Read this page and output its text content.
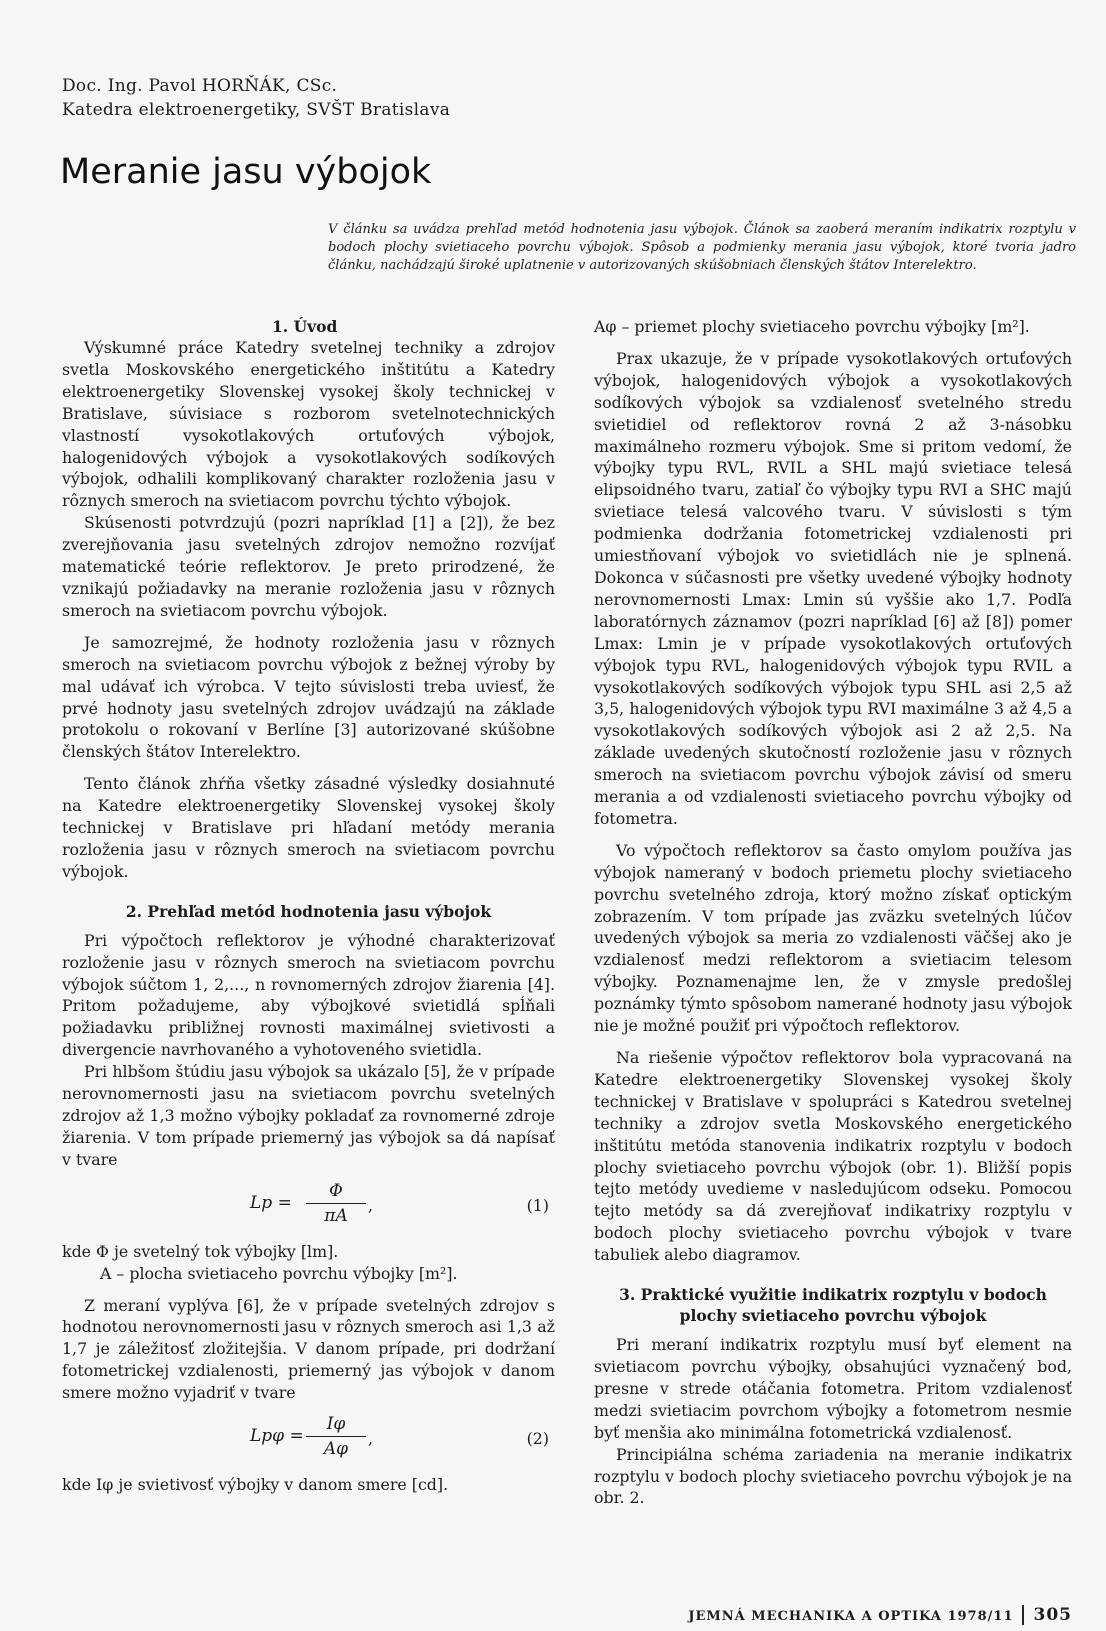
Doc. Ing. Pavol HORŇÁK, CSc.
Katedra elektroenergetiky, SVŠT Bratislava
Meranie jasu výbojok
V článku sa uvádza prehľad metód hodnotenia jasu výbojok. Článok sa zaoberá meraním indikatrix rozptylu v bodoch plochy svietiaceho povrchu výbojok. Spôsob a podmienky merania jasu výbojok, ktoré tvoria jadro článku, nachádzajú široké uplatnenie v autorizovaných skúšobniach členských štátov Interelektro.
1. Úvod

Výskumné práce Katedry svetelnej techniky a zdrojov svetla Moskovského energetického inštitútu a Katedry elektroenergetiky Slovenskej vysokej školy technickej v Bratislave, súvisiace s rozborom svetelnotechnických vlastností vysokotlakových ortuťových výbojok, halogenidových výbojok a vysokotlakových sodíkových výbojok, odhalili komplikovaný charakter rozloženia jasu v rôznych smeroch na svietiacom povrchu týchto výbojok.

Skúsenosti potvrdzujú (pozri napríklad [1] a [2]), že bez zverejňovania jasu svetelných zdrojov nemožno rozvíjať matematické teórie reflektorov. Je preto prirodzené, že vznikajú požiadavky na meranie rozloženia jasu v rôznych smeroch na svietiacom povrchu výbojok.

Je samozrejmé, že hodnoty rozloženia jasu v rôznych smeroch na svietiacom povrchu výbojok z bežnej výroby by mal udávať ich výrobca. V tejto súvislosti treba uviesť, že prvé hodnoty jasu svetelných zdrojov uvádzajú na základe protokolu o rokovaní v Berlíne [3] autorizované skúšobne členských štátov Interelektro.

Tento článok zhŕňa všetky zásadné výsledky dosiahnuté na Katedre elektroenergetiky Slovenskej vysokej školy technickej v Bratislave pri hľadaní metódy merania rozloženia jasu v rôznych smeroch na svietiacom povrchu výbojok.

2. Prehľad metód hodnotenia jasu výbojok

Pri výpočtoch reflektorov je výhodné charakterizovať rozloženie jasu v rôznych smeroch na svietiacom povrchu výbojok súčtom 1, 2,..., n rovnomerných zdrojov žiarenia [4]. Pritom požadujeme, aby výbojkové svietidlá spĺňali požiadavku približnej rovnosti maximálnej svietivosti a divergencie navrhovaného a vyhotoveného svietidla.

Pri hlbšom štúdiu jasu výbojok sa ukázalo [5], že v prípade nerovnomernosti jasu na svietiacom povrchu svetelných zdrojov až 1,3 možno výbojky pokladať za rovnomerné zdroje žiarenia. V tom prípade priemerný jas výbojok sa dá napísať v tvare

$Lp = \frac{\Phi}{\pi A}$ ,	(1)
kde Φ je svetelný tok výbojky [lm].
A – plocha svietiaceho povrchu výbojky [m²].

Z meraní vyplýva [6], že v prípade svetelných zdrojov s hodnotou nerovnomernosti jasu v rôznych smeroch asi 1,3 až 1,7 je záležitosť zložitejšia. V danom prípade, pri dodržaní fotometrickej vzdialenosti, priemerný jas výbojok v danom smere možno vyjadriť v tvare

$Lp\varphi = \frac{I\varphi}{A\varphi}$ ,	(2)
kde Iφ je svietivosť výbojky v danom smere [cd].
Aφ – priemet plochy svietiaceho povrchu výbojky [m²].

Prax ukazuje, že v prípade vysokotlakových ortuťových výbojok, halogenidových výbojok a vysokotlakových sodíkových výbojok sa vzdialenosť svetelného stredu svietidiel od reflektorov rovná 2 až 3-násobku maximálneho rozmeru výbojok. Sme si pritom vedomí, že výbojky typu RVL, RVIL a SHL majú svietiace telesá elipsoidného tvaru, zatiaľ čo výbojky typu RVI a SHC majú svietiace telesá valcového tvaru. V súvislosti s tým podmienka dodržania fotometrickej vzdialenosti pri umiestňovaní výbojok vo svietidlách nie je splnená. Dokonca v súčasnosti pre všetky uvedené výbojky hodnoty nerovnomernosti Lmax: Lmin sú vyššie ako 1,7. Podľa laboratórnych záznamov (pozri napríklad [6] až [8]) pomer Lmax: Lmin je v prípade vysokotlakových ortuťových výbojok typu RVL, halogenidových výbojok typu RVIL a vysokotlakových sodíkových výbojok typu SHL asi 2,5 až 3,5, halogenidových výbojok typu RVI maximálne 3 až 4,5 a vysokotlakových sodíkových výbojok asi 2 až 2,5. Na základe uvedených skutočností rozloženie jasu v rôznych smeroch na svietiacom povrchu výbojok závisí od smeru merania a od vzdialenosti svietiaceho povrchu výbojky od fotometra.

Vo výpočtoch reflektorov sa často omylom používa jas výbojok nameraný v bodoch priemetu plochy svietiaceho povrchu svetelného zdroja, ktorý možno získať optickým zobrazením. V tom prípade jas zväzku svetelných lúčov uvedených výbojok sa meria zo vzdialenosti väčšej ako je vzdialenosť medzi reflektorom a svietiacim telesom výbojky. Poznamenajme len, že v zmysle predošlej poznámky týmto spôsobom namerané hodnoty jasu výbojok nie je možné použiť pri výpočtoch reflektorov.

Na riešenie výpočtov reflektorov bola vypracovaná na Katedre elektroenergetiky Slovenskej vysokej školy technickej v Bratislave v spolupráci s Katedrou svetelnej techniky a zdrojov svetla Moskovského energetického inštitútu metóda stanovenia indikatrix rozptylu v bodoch plochy svietiaceho povrchu výbojok (obr. 1). Bližší popis tejto metódy uvedieme v nasledujúcom odseku. Pomocou tejto metódy sa dá zverejňovať indikatrixy rozptylu v bodoch plochy svietiaceho povrchu výbojok v tvare tabuliek alebo diagramov.

3. Praktické využitie indikatrix rozptylu v bodoch plochy svietiaceho povrchu výbojok

Pri meraní indikatrix rozptylu musí byť element na svietiacom povrchu výbojky, obsahujúci vyznačený bod, presne v strede otáčania fotometra. Pritom vzdialenosť medzi svietiacim povrchom výbojky a fotometrom nesmie byť menšia ako minimálna fotometrická vzdialenosť.

Principiálna schéma zariadenia na meranie indikatrix rozptylu v bodoch plochy svietiaceho povrchu výbojok je na obr. 2.

JEMNÁ MECHANIKA A OPTIKA 1978/11 305
